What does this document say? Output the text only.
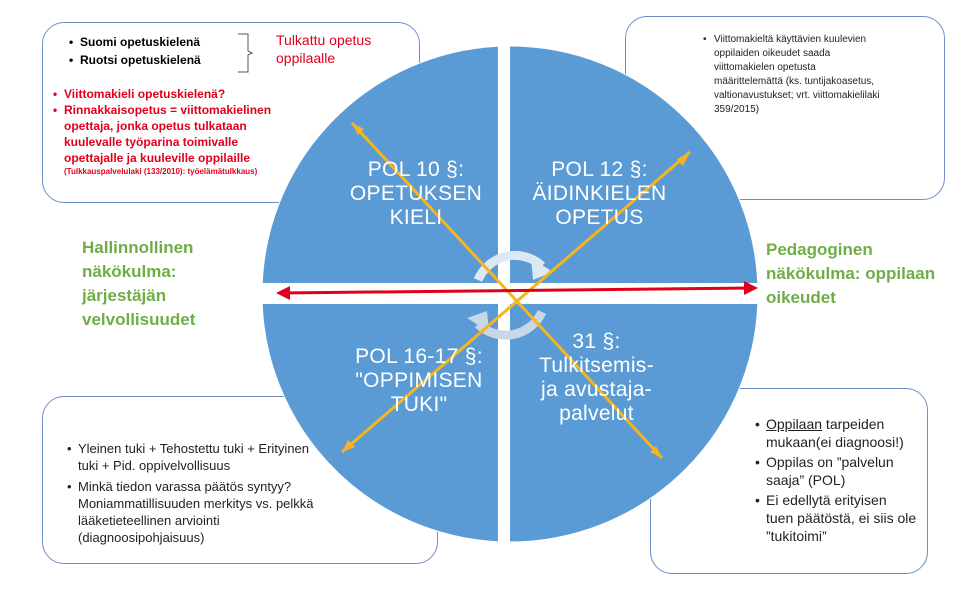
• Suomi opetuskielenä
• Ruotsi opetuskielenä
Tulkattu opetus oppilaalle
• Viittomakieli opetuskielenä?
• Rinnakkaisopetus = viittomakielinen opettaja, jonka opetus tulkataan kuulevalle työparina toimivalle opettajalle ja kuuleville oppilaille
(Tulkkauspalvelulaki (133/2010): työelämätulkkaus)
• Viittomakieltä käyttävien kuulevien oppilaiden oikeudet saada viittomakielen opetusta määrittelemättä (ks. tuntijakoasetus, valtionavustukset; vrt. viittomakielilaki 359/2015)
• Yleinen tuki + Tehostettu tuki + Erityinen tuki + Pid. oppivelvollisuus
• Minkä tiedon varassa päätös syntyy? Moniammatillisuuden merkitys vs. pelkkä lääketieteellinen arviointi (diagnoosipohjaisuus)
• Oppilaan tarpeiden mukaan(ei diagnoosi!)
• Oppilas on ”palvelun saaja” (POL)
• Ei edellytä erityisen tuen päätöstä, ei siis ole ”tukitoimi”
POL 10 §: OPETUKSEN KIELI
POL 12 §: ÄIDINKIELEN OPETUS
POL 16-17 §: "OPPIMISEN TUKI"
31 §: Tulkitsemis- ja avustaja-palvelut
Hallinnollinen näkökulma: järjestäjän velvollisuudet
Pedagoginen näkökulma: oppilaan oikeudet
